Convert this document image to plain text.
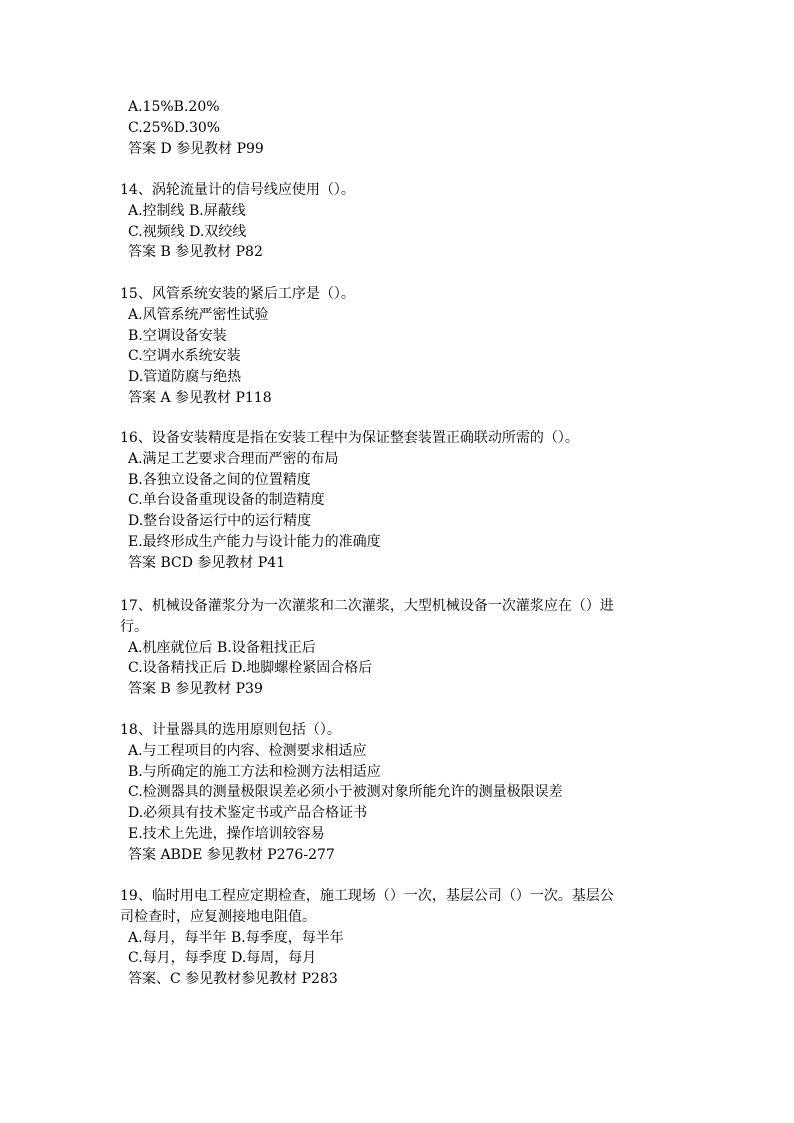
A.15%B.20%
C.25%D.30%
答案 D 参见教材 P99
14、涡轮流量计的信号线应使用（）。
A.控制线 B.屏蔽线
C.视频线 D.双绞线
答案 B 参见教材 P82
15、风管系统安装的紧后工序是（）。
A.风管系统严密性试验
B.空调设备安装
C.空调水系统安装
D.管道防腐与绝热
答案 A 参见教材 P118
16、设备安装精度是指在安装工程中为保证整套装置正确联动所需的（）。
A.满足工艺要求合理而严密的布局
B.各独立设备之间的位置精度
C.单台设备重现设备的制造精度
D.整台设备运行中的运行精度
E.最终形成生产能力与设计能力的准确度
答案 BCD 参见教材 P41
17、机械设备灌浆分为一次灌浆和二次灌浆，大型机械设备一次灌浆应在（）进
行。
A.机座就位后 B.设备粗找正后
C.设备精找正后 D.地脚螺栓紧固合格后
答案 B 参见教材 P39
18、计量器具的选用原则包括（）。
A.与工程项目的内容、检测要求相适应
B.与所确定的施工方法和检测方法相适应
C.检测器具的测量极限误差必须小于被测对象所能允许的测量极限误差
D.必须具有技术鉴定书或产品合格证书
E.技术上先进，操作培训较容易
答案 ABDE 参见教材 P276-277
19、临时用电工程应定期检查，施工现场（）一次，基层公司（）一次。基层公
司检查时，应复测接地电阻值。
A.每月，每半年 B.每季度，每半年
C.每月，每季度 D.每周，每月
答案、C 参见教材参见教材 P283
